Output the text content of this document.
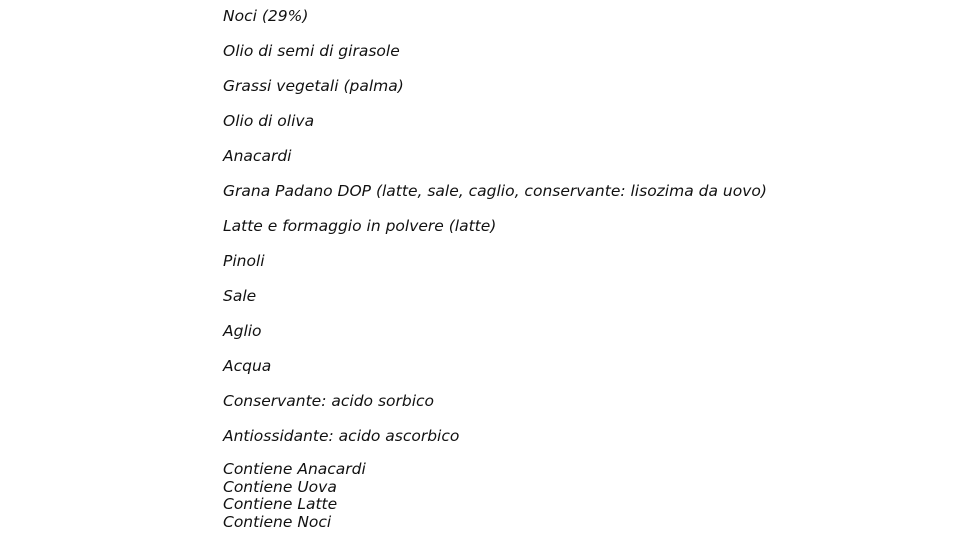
Noci (29%)
Olio di semi di girasole
Grassi vegetali (palma)
Olio di oliva
Anacardi
Grana Padano DOP (latte, sale, caglio, conservante: lisozima da uovo)
Latte e formaggio in polvere (latte)
Pinoli
Sale
Aglio
Acqua
Conservante: acido sorbico
Antiossidante: acido ascorbico
Contiene Anacardi
Contiene Uova
Contiene Latte
Contiene Noci
